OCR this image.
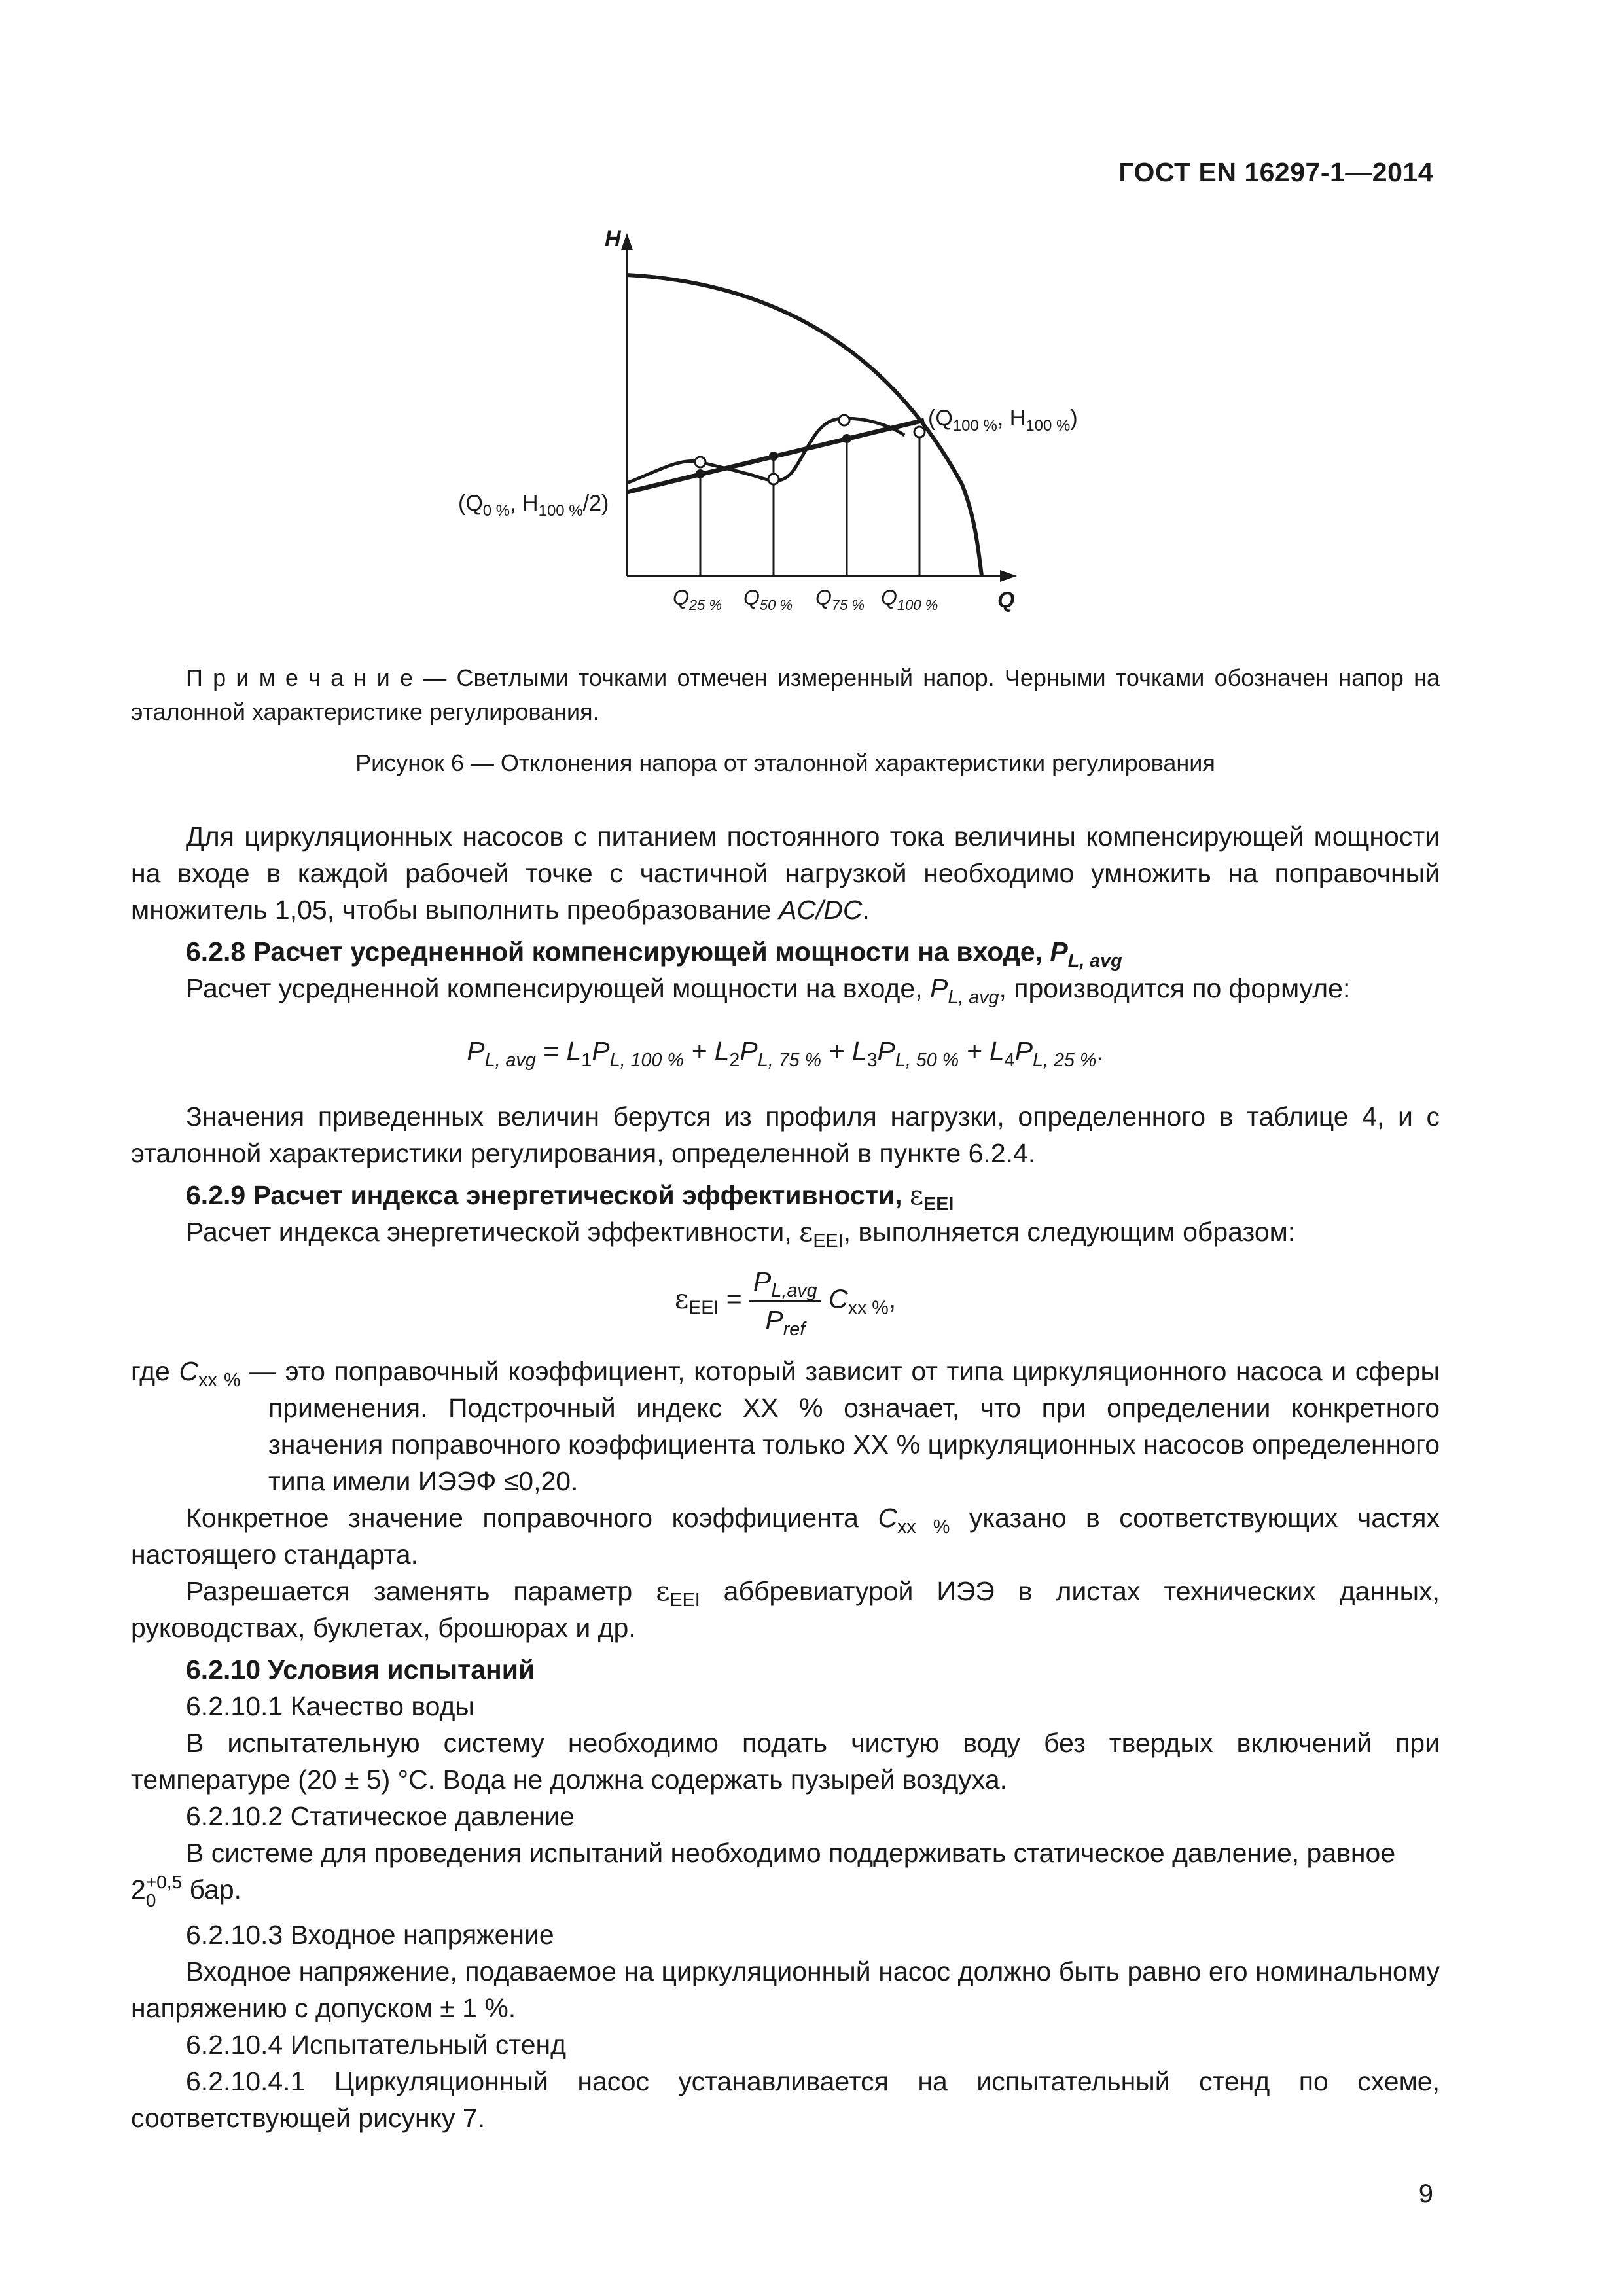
ГОСТ EN 16297-1—2014
H
Q
($Q_{100 \%}$, $H_{100 \%}$)
($Q_{0 \%}$, $H_{100 \%}/2$)
$Q_{25 \%}$ $Q_{50 \%}$ $Q_{75 \%}$ $Q_{100 \%}$

П р и м е ч а н и е — Светлыми точками отмечен измеренный напор. Черными точками обозначен напор на эталонной характеристике регулирования.

Рисунок 6 — Отклонения напора от эталонной характеристики регулирования

Для циркуляционных насосов с питанием постоянного тока величины компенсирующей мощности на входе в каждой рабочей точке с частичной нагрузкой необходимо умножить на поправочный множитель 1,05, чтобы выполнить преобразование AC/DC.

6.2.8 Расчет усредненной компенсирующей мощности на входе, $P_{L, avg}$

Расчет усредненной компенсирующей мощности на входе, $P_{L, avg}$, производится по формуле:

$P_{L, avg} = L_1P_{L, 100 \%} + L_2P_{L, 75 \%} + L_3P_{L, 50 \%} + L_4P_{L, 25 \%}$.

Значения приведенных величин берутся из профиля нагрузки, определенного в таблице 4, и с эталонной характеристики регулирования, определенной в пункте 6.2.4.

6.2.9 Расчет индекса энергетической эффективности, $\varepsilon_{EEI}$

Расчет индекса энергетической эффективности, $\varepsilon_{EEI}$, выполняется следующим образом:

$\varepsilon_{EEI} = \frac{P_{L,avg}}{P_{ref}} C_{xx \%}$,

где $C_{xx \%}$ — это поправочный коэффициент, который зависит от типа циркуляционного насоса и сферы применения. Подстрочный индекс XX % означает, что при определении конкретного значения поправочного коэффициента только XX % циркуляционных насосов определенного типа имели ИЭЭФ ≤0,20.

Конкретное значение поправочного коэффициента $C_{xx \%}$ указано в соответствующих частях настоящего стандарта.

Разрешается заменять параметр $\varepsilon_{EEI}$ аббревиатурой ИЭЭ в листах технических данных, руководствах, буклетах, брошюрах и др.

6.2.10 Условия испытаний

6.2.10.1 Качество воды

В испытательную систему необходимо подать чистую воду без твердых включений при температуре (20 ± 5) °С. Вода не должна содержать пузырей воздуха.

6.2.10.2 Статическое давление

В системе для проведения испытаний необходимо поддерживать статическое давление, равное

2 +0,5
0 бар.

6.2.10.3 Входное напряжение

Входное напряжение, подаваемое на циркуляционный насос должно быть равно его номинальному напряжению с допуском ± 1 %.

6.2.10.4 Испытательный стенд

6.2.10.4.1 Циркуляционный насос устанавливается на испытательный стенд по схеме, соответствующей рисунку 7.

9
